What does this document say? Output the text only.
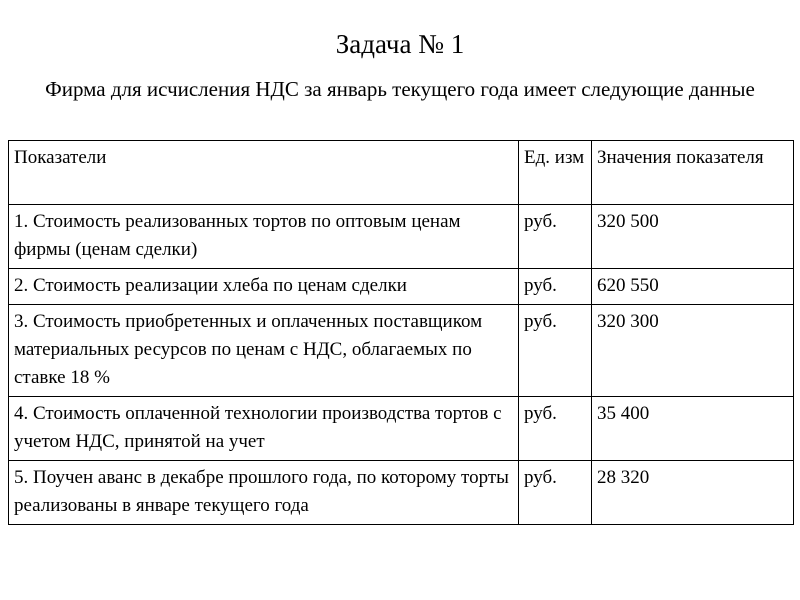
Задача № 1
Фирма для исчисления НДС за январь текущего года имеет следующие данные
Показатели	Ед. изм	Значения показателя
1. Стоимость реализованных тортов по оптовым ценам фирмы (ценам сделки)	руб.	320 500
2. Стоимость реализации хлеба по ценам сделки	руб.	620 550
3. Стоимость приобретенных и оплаченных поставщиком материальных ресурсов по ценам с НДС, облагаемых по ставке 18 %	руб.	320 300
4. Стоимость оплаченной технологии производства тортов с учетом НДС, принятой на учет	руб.	35 400
5. Поучен аванс в декабре прошлого года, по которому торты реализованы в январе текущего года	руб.	28 320
